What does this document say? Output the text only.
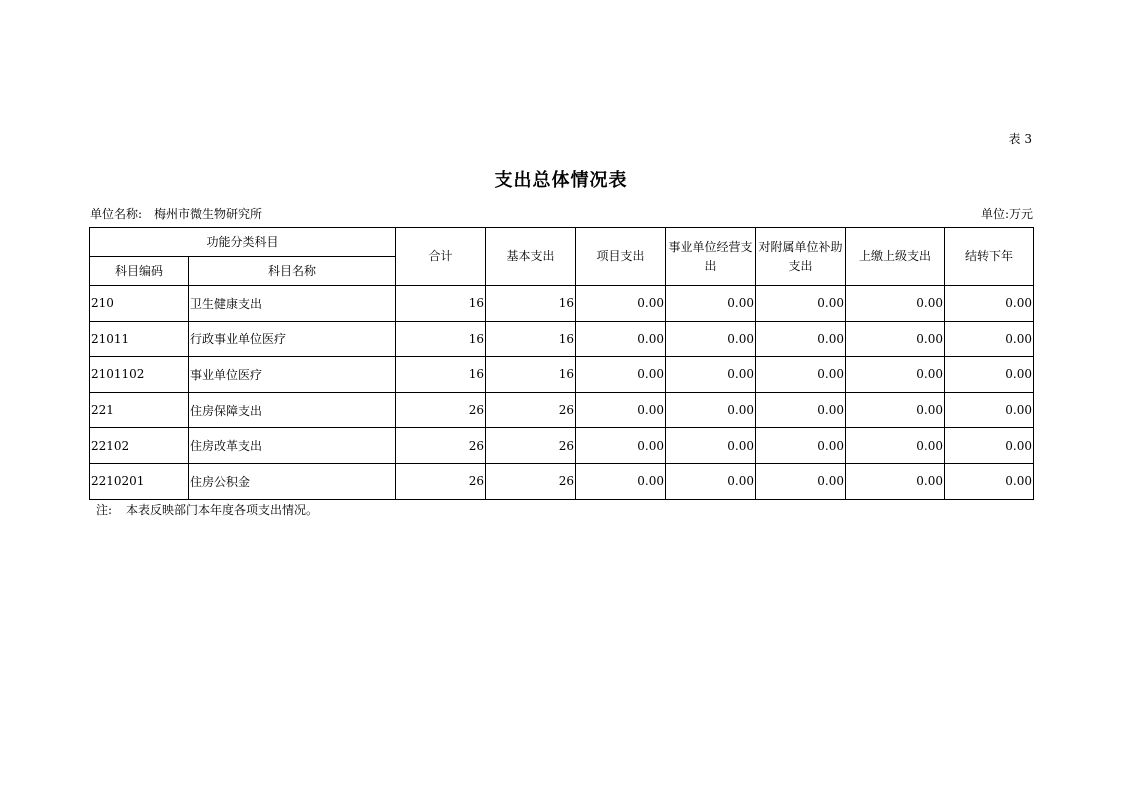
表 3
支出总体情况表
单位名称: 梅州市微生物研究所	单位:万元
功能分类科目		合计	基本支出	项目支出	事业单位经营支出	对附属单位补助支出	上缴上级支出	结转下年
科目编码	科目名称							
210	卫生健康支出	16	16	0.00	0.00	0.00	0.00	0.00
21011	行政事业单位医疗	16	16	0.00	0.00	0.00	0.00	0.00
2101102	事业单位医疗	16	16	0.00	0.00	0.00	0.00	0.00
221	住房保障支出	26	26	0.00	0.00	0.00	0.00	0.00
22102	住房改革支出	26	26	0.00	0.00	0.00	0.00	0.00
2210201	住房公积金	26	26	0.00	0.00	0.00	0.00	0.00
注: 本表反映部门本年度各项支出情况。
